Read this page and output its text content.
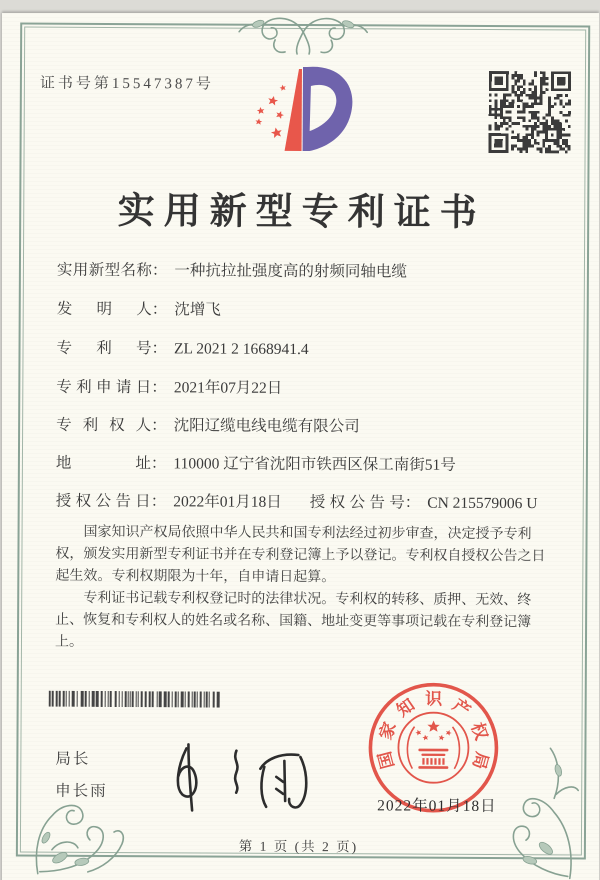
证书号第15547387号
实用新型专利证书
实用新型名称： 一种抗拉扯强度高的射频同轴电缆
发明人： 沈增飞
专利号： ZL 2021 2 1668941.4
专利申请日： 2021年07月22日
专利权人： 沈阳辽缆电线电缆有限公司
地址： 110000 辽宁省沈阳市铁西区保工南街51号
授权公告日： 2022年01月18日 授权公告号： CN 215579006 U

国家知识产权局依照中华人民共和国专利法经过初步审查，决定授予专利权，颁发实用新型专利证书并在专利登记簿上予以登记。专利权自授权公告之日起生效。专利权期限为十年，自申请日起算。

专利证书记载专利权登记时的法律状况。专利权的转移、质押、无效、终止、恢复和专利权人的姓名或名称、国籍、地址变更等事项记载在专利登记簿上。

局长
申长雨
2022年01月18日
国
家
知 识 产
权
局
第 1 页 (共 2 页)
